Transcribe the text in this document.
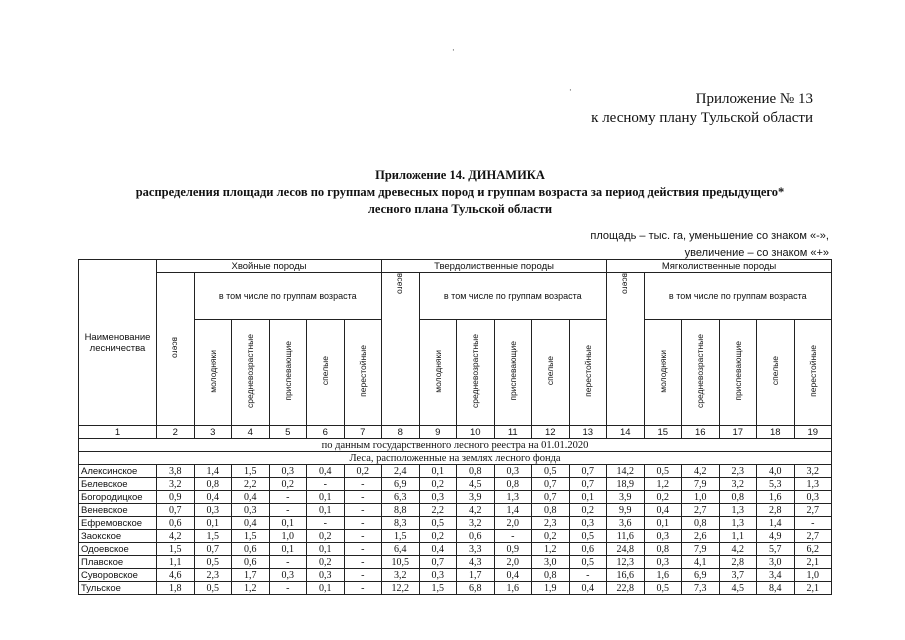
·
·	Приложение № 13
к лесному плану Тульской области
Приложение 14. ДИНАМИКА
распределения площади лесов по группам древесных пород и группам возраста за период действия предыдущего*
лесного плана Тульской области
площадь – тыс. га, уменьшение со знаком «-»,
увеличение – со знаком «+»
Наименование лесничества	Хвойные породы						Твердолиственные породы						Мягколиственные породы					
	всего	в том числе по группам возраста					всего	в том числе по группам возраста					всего	в том числе по группам возраста				
		молодняки	средневозрастные	приспевающие	спелые	перестойные		молодняки	средневозрастные	приспевающие	спелые	перестойные		молодняки	средневозрастные	приспевающие	спелые	перестойные
1	2	3	4	5	6	7	8	9	10	11	12	13	14	15	16	17	18	19
по данным государственного лесного реестра на 01.01.2020																		
Леса, расположенные на землях лесного фонда																		
Алексинское	3,8	1,4	1,5	0,3	0,4	0,2	2,4	0,1	0,8	0,3	0,5	0,7	14,2	0,5	4,2	2,3	4,0	3,2
Белевское	3,2	0,8	2,2	0,2	-	-	6,9	0,2	4,5	0,8	0,7	0,7	18,9	1,2	7,9	3,2	5,3	1,3
Богородицкое	0,9	0,4	0,4	-	0,1	-	6,3	0,3	3,9	1,3	0,7	0,1	3,9	0,2	1,0	0,8	1,6	0,3
Веневское	0,7	0,3	0,3	-	0,1	-	8,8	2,2	4,2	1,4	0,8	0,2	9,9	0,4	2,7	1,3	2,8	2,7
Ефремовское	0,6	0,1	0,4	0,1	-	-	8,3	0,5	3,2	2,0	2,3	0,3	3,6	0,1	0,8	1,3	1,4	-
Заокское	4,2	1,5	1,5	1,0	0,2	-	1,5	0,2	0,6	-	0,2	0,5	11,6	0,3	2,6	1,1	4,9	2,7
Одоевское	1,5	0,7	0,6	0,1	0,1	-	6,4	0,4	3,3	0,9	1,2	0,6	24,8	0,8	7,9	4,2	5,7	6,2
Плавское	1,1	0,5	0,6	-	0,2	-	10,5	0,7	4,3	2,0	3,0	0,5	12,3	0,3	4,1	2,8	3,0	2,1
Суворовское	4,6	2,3	1,7	0,3	0,3	-	3,2	0,3	1,7	0,4	0,8	-	16,6	1,6	6,9	3,7	3,4	1,0
Тульское	1,8	0,5	1,2	-	0,1	-	12,2	1,5	6,8	1,6	1,9	0,4	22,8	0,5	7,3	4,5	8,4	2,1
